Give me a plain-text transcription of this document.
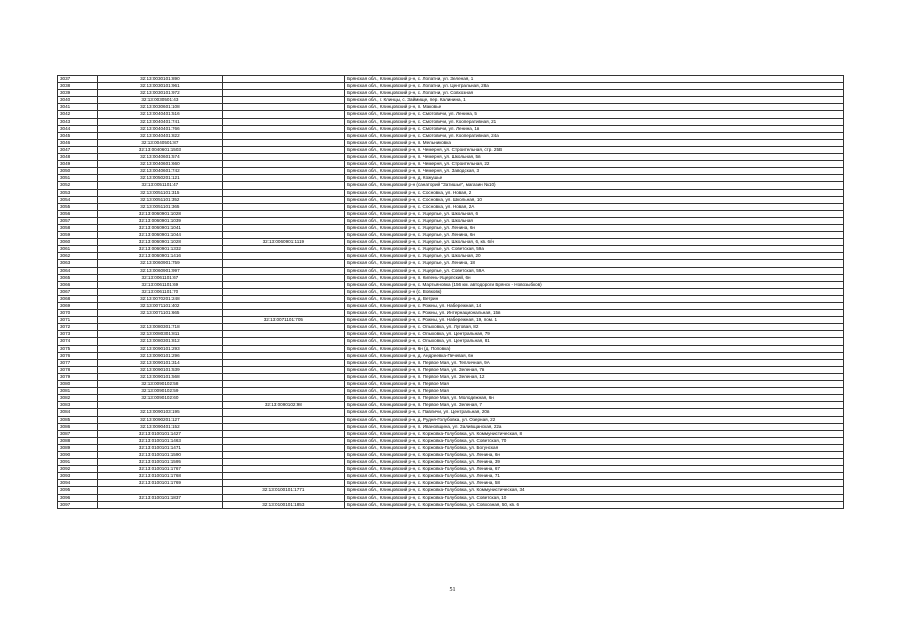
3037	32:13:0030101:890		Брянская обл., Клинцовский р-н, с. Лопатни, ул. Зеленая, 1
3038	32:13:0030101:961		Брянская обл., Клинцовский р-н, с. Лопатни, ул. Центральная, 28а
3039	32:13:0030101:972		Брянская обл., Клинцовский р-н, с. Лопатни, ул. Совхозная
3040	32:13:0030501:43		Брянская обл., г. Клинцы, с. Займище, пер. Калинина, 1
3041	32:13:0030601:108		Брянская обл., Клинцовский р-н, п. Маковье
3042	32:13:0040401:516		Брянская обл., Клинцовский р-н, с. Смотовичи, ул. Ленина, 5
3043	32:13:0040401:741		Брянская обл., Клинцовский р-н, с. Смотовичи, ул. Кооперативная, 21
3044	32:13:0040401:766		Брянская обл., Клинцовский р-н, с. Смотовичи, ул. Ленина, 1в
3045	32:13:0040401:822		Брянская обл., Клинцовский р-н, с. Смотовичи, ул. Кооперативная, 24а
3046	32:13:0040501:87		Брянская обл., Клинцовский р-н, п. Мельниковка
3047	32:13:0040601:1503		Брянская обл., Клинцовский р-н, п. Чемерня, ул. Строительная, стр. 25В
3048	32:13:0040601:574		Брянская обл., Клинцовский р-н, п. Чемерня, ул. Школьная, 5в
3049	32:13:0040601:660		Брянская обл., Клинцовский р-н, п. Чемерня, ул. Строительная, 22
3050	32:13:0040601:742		Брянская обл., Клинцовский р-н, п. Чемерня, ул. Заводская, 3
3051	32:13:0050201:121		Брянская обл., Клинцовский р-н, д. Кожушье
3052	32:13:0051101:47		Брянская обл., Клинцовский р-н (санаторий "Затишье", магазин №10)
3053	32:13:0051101:315		Брянская обл., Клинцовский р-н, с. Сосновка, ул. Новая, 2
3054	32:13:0051101:352		Брянская обл., Клинцовский р-н, с. Сосновка, ул. Школьная, 10
3055	32:13:0051101:365		Брянская обл., Клинцовский р-н, с. Сосновка, ул. Новая, 2А
3056	32:13:0060901:1028		Брянская обл., Клинцовский р-н, с. Ущерпье, ул. Школьная, 6
3057	32:13:0060901:1039		Брянская обл., Клинцовский р-н, с. Ущерпье, ул. Школьная
3058	32:13:0060901:1041		Брянская обл., Клинцовский р-н, с. Ущерпье, ул. Ленина, 6н
3059	32:13:0060901:1044		Брянская обл., Клинцовский р-н, с. Ущерпье, ул. Ленина, 6н
3060	32:13:0060901:1028	32:13:0060901:1119	Брянская обл., Клинцовский р-н, с. Ущерпье, ул. Школьная, 6, кв. 6/н
3061	32:13:0060901:1332		Брянская обл., Клинцовский р-н, с. Ущерпье, ул. Советская, 59а
3062	32:13:0060901:1416		Брянская обл., Клинцовский р-н, с. Ущерпье, ул. Школьная, 20
3063	32:13:0060901:759		Брянская обл., Клинцовский р-н, с. Ущерпье, ул. Ленина, 18
3064	32:13:0060901:997		Брянская обл., Клинцовский р-н, с. Ущерпье, ул. Советская, 59А
3065	32:13:0061101:67		Брянская обл., Клинцовский р-н, п. Кипень-Ущерпский, 6н
3066	32:13:0061101:69		Брянская обл., Клинцовский р-н, с. Мартьяновка (156 км. автодороги Брянск - Новозыбков)
3067	32:13:0061101:70		Брянская обл., Клинцовский р-н (с. Вовковк)
3068	32:13:0070201:248		Брянская обл., Клинцовский р-н, д. Ветрин
3069	32:13:0071101:402		Брянская обл., Клинцовский р-н, с. Рожны, ул. Набережная, 14
3070	32:13:0071101:665		Брянская обл., Клинцовский р-н, с. Рожны, ул. Интернациональная, 15в
3071		32:13:0071101:705	Брянская обл., Клинцовский р-н, с. Рожны, ул. Набережная, 19, пом. 1
3072	32:13:0080301:718		Брянская обл., Клинцовский р-н, с. Опыховка, ул. Луговая, 82
3073	32:13:0080301:811		Брянская обл., Клинцовский р-н, с. Опыховка, ул. Центральная, 79
3074	32:13:0080301:812		Брянская обл., Клинцовский р-н, с. Опыховка, ул. Центральная, 81
3075	32:13:0090101:293		Брянская обл., Клинцовский р-н, 6н (д. Поповка)
3076	32:13:0090101:296		Брянская обл., Клинцовский р-н, д. Андреевка-Печевая, 6н
3077	32:13:0090101:314		Брянская обл., Клинцовский р-н, п. Первое Мая, ул. Тепличная, 9А
3078	32:13:0090101:539		Брянская обл., Клинцовский р-н, п. Первое Мая, ул. Зеленая, 7в
3079	32:13:0090101:568		Брянская обл., Клинцовский р-н, п. Первое Мая, ул. Зеленая, 12
3080	32:13:0090102:58		Брянская обл., Клинцовский р-н, п. Первое Мая
3081	32:13:0090102:59		Брянская обл., Клинцовский р-н, п. Первое Мая
3082	32:13:0090102:60		Брянская обл., Клинцовский р-н, п. Первое Мая, ул. Молодежная, 6н
3083		32:13:0090102:98	Брянская обл., Клинцовский р-н, п. Первое Мая, ул. Зеленая, 7
3084	32:13:0090103:195		Брянская обл., Клинцовский р-н, с. Павличи, ул. Центральная, 20в
3085	32:13:0090201:127		Брянская обл., Клинцовский р-н, д. Рудня-Голубовка, ул. Озерная, 22
3086	32:13:0090401:152		Брянская обл., Клинцовский р-н, п. Ивановщина, ул. Заливщанская, 22а
3087	32:13:0100101:1427		Брянская обл., Клинцовский р-н, с. Коржовка-Голубовка, ул. Коммунистическая, 8
3088	32:13:0100101:1463		Брянская обл., Клинцовский р-н, с. Коржовка-Голубовка, ул. Советская, 70
3089	32:13:0100101:1471		Брянская обл., Клинцовский р-н, с. Коржовка-Голубовка, ул. Богунская
3090	32:13:0100101:1590		Брянская обл., Клинцовский р-н, с. Коржовка-Голубовка, ул. Ленина, 6н
3091	32:13:0100101:1595		Брянская обл., Клинцовский р-н, с. Коржовка-Голубовка, ул. Ленина, 39
3092	32:13:0100101:1767		Брянская обл., Клинцовский р-н, с. Коржовка-Голубовка, ул. Ленина, 67
3093	32:13:0100101:1768		Брянская обл., Клинцовский р-н, с. Коржовка-Голубовка, ул. Ленина, 71
3094	32:13:0100101:1769		Брянская обл., Клинцовский р-н, с. Коржовка-Голубовка, ул. Ленина, 58
3095		32:13:0100101:1771	Брянская обл., Клинцовский р-н, с. Коржовка-Голубовка, ул. Коммунистическая, 34
3096	32:13:0100101:1837		Брянская обл., Клинцовский р-н, с. Коржовка-Голубовка, ул. Советская, 10
3097		32:13:0100101:1853	Брянская обл., Клинцовский р-н, с. Коржовка-Голубовка, ул. Совхозная, 50, кв. 6
51
